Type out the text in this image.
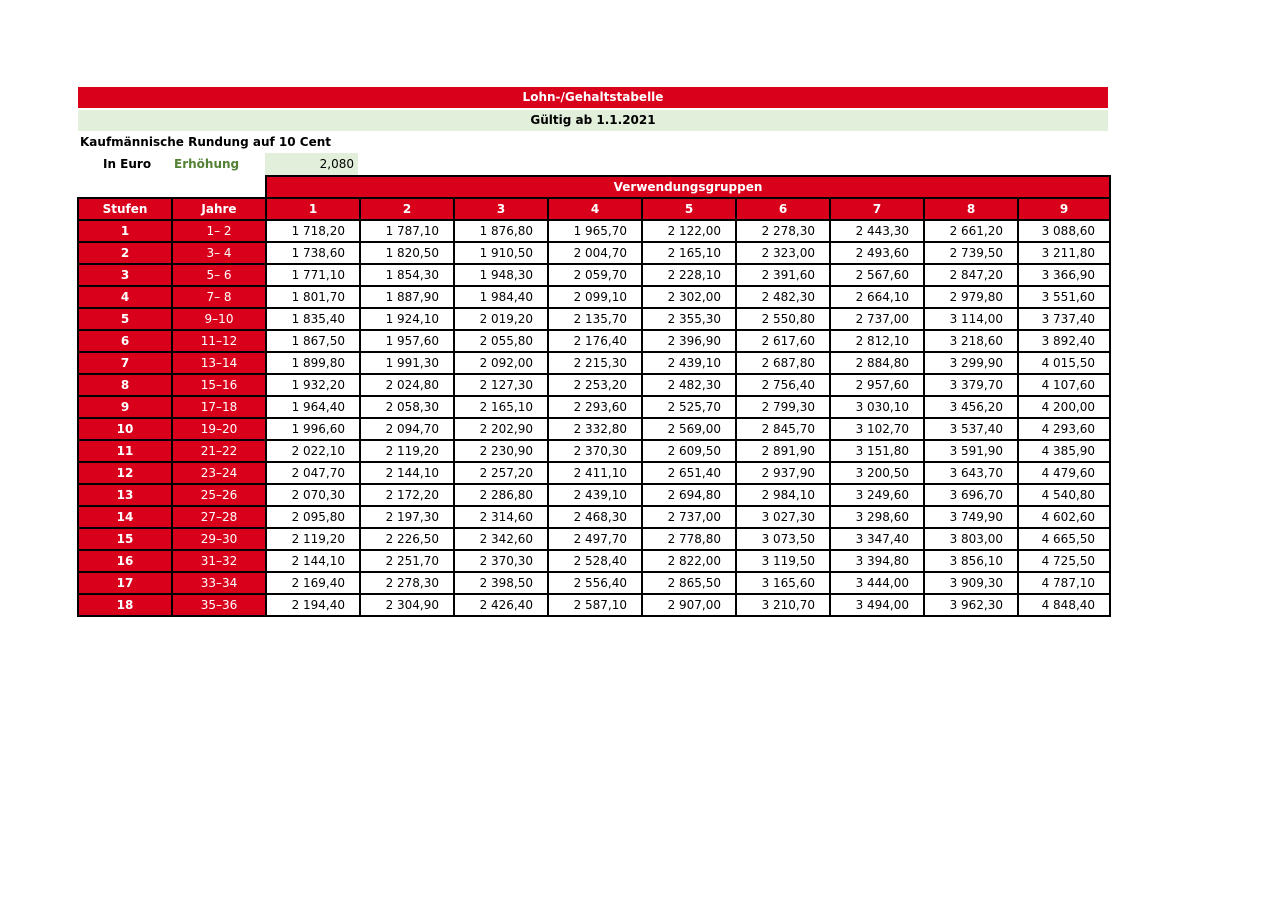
Lohn-/Gehaltstabelle
Gültig ab 1.1.2021
Kaufmännische Rundung auf 10 Cent
In Euro Erhöhung	2,080
		Verwendungsgruppen								
Stufen	Jahre	1	2	3	4	5	6	7	8	9
1	1– 2	1 718,20	1 787,10	1 876,80	1 965,70	2 122,00	2 278,30	2 443,30	2 661,20	3 088,60
2	3– 4	1 738,60	1 820,50	1 910,50	2 004,70	2 165,10	2 323,00	2 493,60	2 739,50	3 211,80
3	5– 6	1 771,10	1 854,30	1 948,30	2 059,70	2 228,10	2 391,60	2 567,60	2 847,20	3 366,90
4	7– 8	1 801,70	1 887,90	1 984,40	2 099,10	2 302,00	2 482,30	2 664,10	2 979,80	3 551,60
5	9–10	1 835,40	1 924,10	2 019,20	2 135,70	2 355,30	2 550,80	2 737,00	3 114,00	3 737,40
6	11–12	1 867,50	1 957,60	2 055,80	2 176,40	2 396,90	2 617,60	2 812,10	3 218,60	3 892,40
7	13–14	1 899,80	1 991,30	2 092,00	2 215,30	2 439,10	2 687,80	2 884,80	3 299,90	4 015,50
8	15–16	1 932,20	2 024,80	2 127,30	2 253,20	2 482,30	2 756,40	2 957,60	3 379,70	4 107,60
9	17–18	1 964,40	2 058,30	2 165,10	2 293,60	2 525,70	2 799,30	3 030,10	3 456,20	4 200,00
10	19–20	1 996,60	2 094,70	2 202,90	2 332,80	2 569,00	2 845,70	3 102,70	3 537,40	4 293,60
11	21–22	2 022,10	2 119,20	2 230,90	2 370,30	2 609,50	2 891,90	3 151,80	3 591,90	4 385,90
12	23–24	2 047,70	2 144,10	2 257,20	2 411,10	2 651,40	2 937,90	3 200,50	3 643,70	4 479,60
13	25–26	2 070,30	2 172,20	2 286,80	2 439,10	2 694,80	2 984,10	3 249,60	3 696,70	4 540,80
14	27–28	2 095,80	2 197,30	2 314,60	2 468,30	2 737,00	3 027,30	3 298,60	3 749,90	4 602,60
15	29–30	2 119,20	2 226,50	2 342,60	2 497,70	2 778,80	3 073,50	3 347,40	3 803,00	4 665,50
16	31–32	2 144,10	2 251,70	2 370,30	2 528,40	2 822,00	3 119,50	3 394,80	3 856,10	4 725,50
17	33–34	2 169,40	2 278,30	2 398,50	2 556,40	2 865,50	3 165,60	3 444,00	3 909,30	4 787,10
18	35–36	2 194,40	2 304,90	2 426,40	2 587,10	2 907,00	3 210,70	3 494,00	3 962,30	4 848,40
